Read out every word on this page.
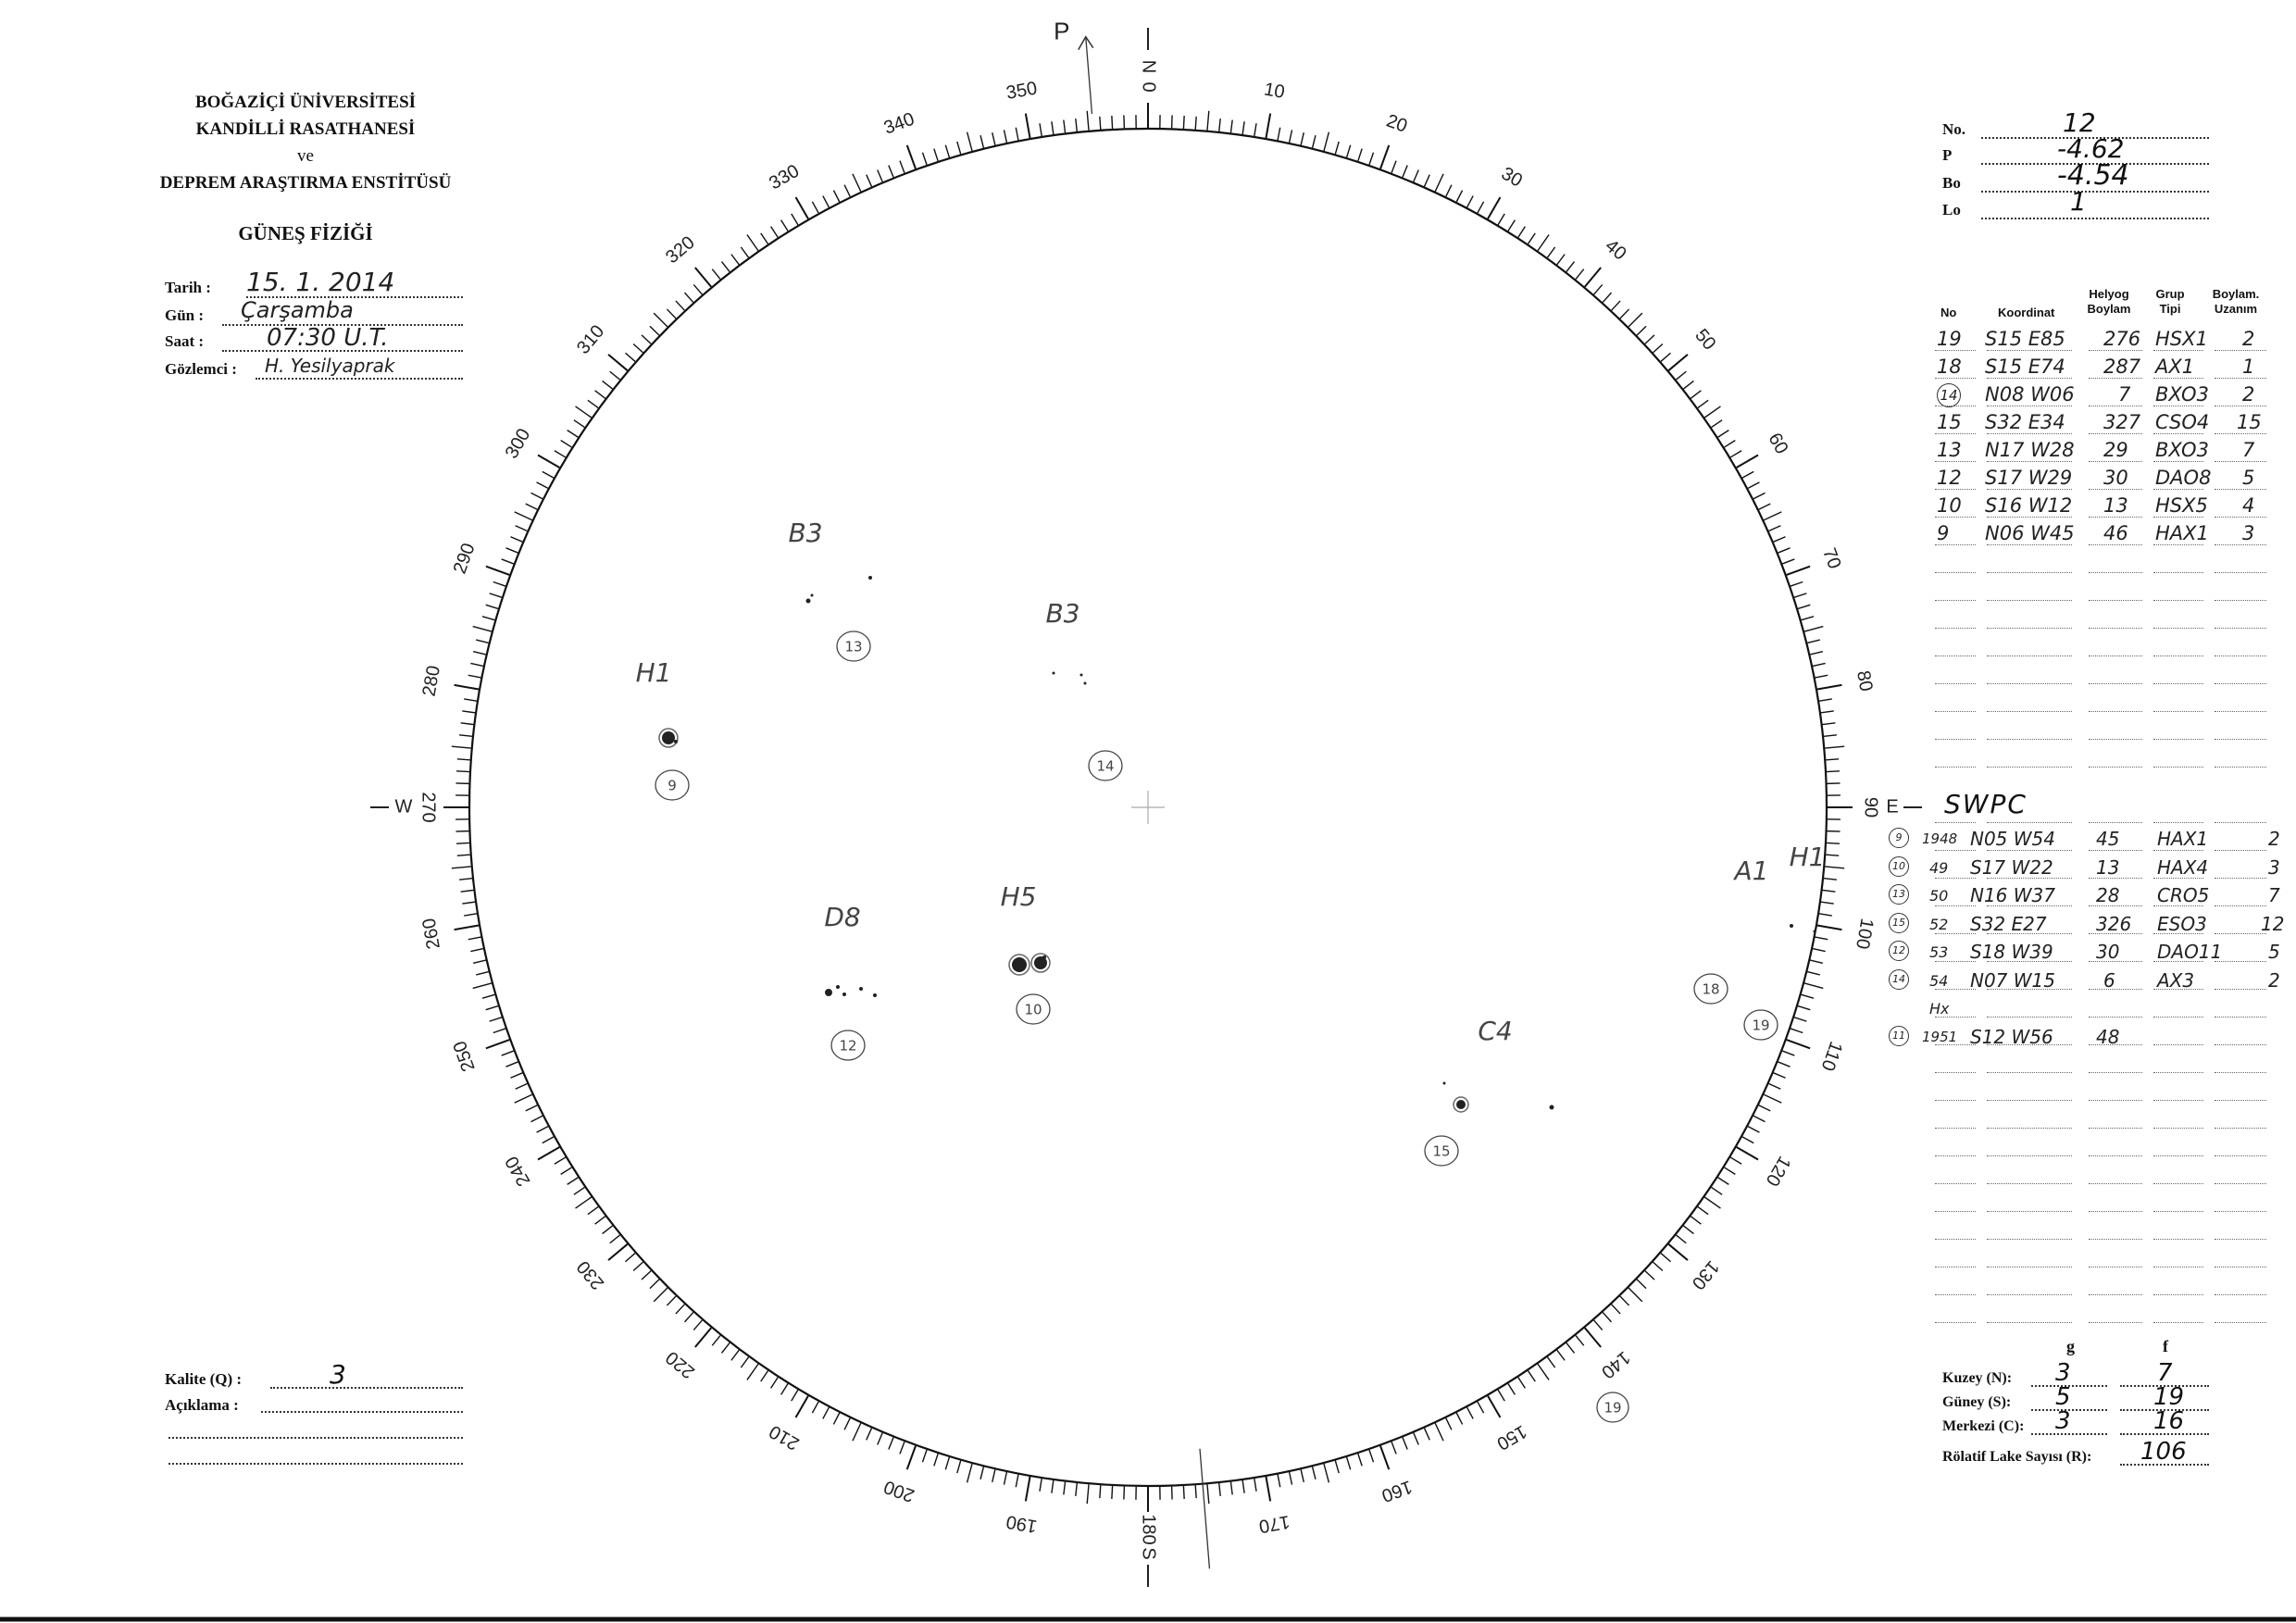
BOĞAZİÇİ ÜNİVERSİTESİ
KANDİLLİ RASATHANESİ
ve
DEPREM ARAŞTIRMA ENSTİTÜSÜ
GÜNEŞ FİZİĞİ
Tarih : 15. 1. 2014
Gün : Çarşamba
Saat :	07:30 U.T.
Gözlemci : H. Yesilyaprak
Kalite (Q) :	3
Açıklama :
No.	12
P	-4.62
Bo	-4.54
Lo	1
No	Koordinat
Helyog Boylam
Grup Tipi
Boylam. Uzanım
19 S15 E85 276 HSX1 2
18 S15 E74 287 AX1 1
14 N08 W06 7 BXO3 2
15 S32 E34 327 CSO4 15
13 N17 W28 29 BXO3 7
12 S17 W29 30 DAO8 5
10 S16 W12 13 HSX5 4
9 N06 W45 46 HAX1 3
SWPC
9	1948 N05 W54 45 HAX1	2
10 49 S17 W22 13 HAX4	3
13 50 N16 W37 28 CRO5	7
15 52 S32 E27	326 ESO3	12
12 53 S18 W39 30 DAO11 5
14 54 N07 W15	6 AX3	2
Hx
11 1951 S12 W56 48
g	f
Kuzey (N): 3	7
Güney (S): 5	19
Merkezi (C): 3	16
Rölatif Lake Sayısı (R): 106
10
20
30
40
50
60
70
80
100
110
120
130
140
150
160
170
190
200
210
220
230
240
250
260
280
290
300
310
320
330
340
350
N
0
180
S
90 E
W 270
P
B3
13
B3
14
H1
9
D8
12
H5
10
C4
15
A1
18
H1
19
19
